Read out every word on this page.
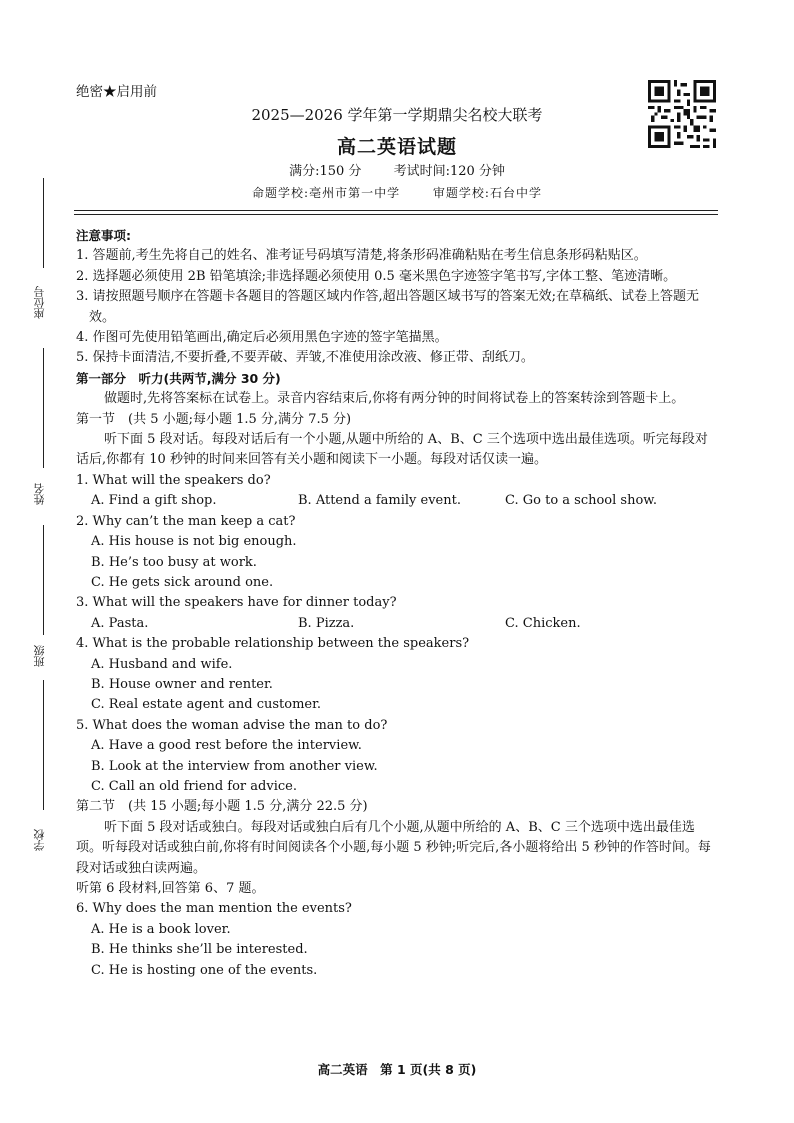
座位号
姓名
班级
学校
绝密★启用前
2025—2026 学年第一学期鼎尖名校大联考
高二英语试题
满分:150 分 考试时间:120 分钟
命题学校:亳州市第一中学	审题学校:石台中学

注意事项:

1. 答题前,考生先将自己的姓名、准考证号码填写清楚,将条形码准确粘贴在考生信息条形码粘贴区。

2. 选择题必须使用 2B 铅笔填涂;非选择题必须使用 0.5 毫米黑色字迹签字笔书写,字体工整、笔迹清晰。

3. 请按照题号顺序在答题卡各题目的答题区域内作答,超出答题区域书写的答案无效;在草稿纸、试卷上答题无效。

4. 作图可先使用铅笔画出,确定后必须用黑色字迹的签字笔描黑。

5. 保持卡面清洁,不要折叠,不要弄破、弄皱,不准使用涂改液、修正带、刮纸刀。

第一部分　听力(共两节,满分 30 分)

做题时,先将答案标在试卷上。录音内容结束后,你将有两分钟的时间将试卷上的答案转涂到答题卡上。

第一节　(共 5 小题;每小题 1.5 分,满分 7.5 分)

听下面 5 段对话。每段对话后有一个小题,从题中所给的 A、B、C 三个选项中选出最佳选项。听完每段对话后,你都有 10 秒钟的时间来回答有关小题和阅读下一小题。每段对话仅读一遍。

1. What will the speakers do?

A. Find a gift shop.	B. Attend a family event.	C. Go to a school show.

2. Why can’t the man keep a cat?

A. His house is not big enough.

B. He’s too busy at work.

C. He gets sick around one.

3. What will the speakers have for dinner today?

A. Pasta.	B. Pizza.	C. Chicken.

4. What is the probable relationship between the speakers?

A. Husband and wife.

B. House owner and renter.

C. Real estate agent and customer.

5. What does the woman advise the man to do?

A. Have a good rest before the interview.

B. Look at the interview from another view.

C. Call an old friend for advice.

第二节　(共 15 小题;每小题 1.5 分,满分 22.5 分)

听下面 5 段对话或独白。每段对话或独白后有几个小题,从题中所给的 A、B、C 三个选项中选出最佳选项。听每段对话或独白前,你将有时间阅读各个小题,每小题 5 秒钟;听完后,各小题将给出 5 秒钟的作答时间。每段对话或独白读两遍。

听第 6 段材料,回答第 6、7 题。

6. Why does the man mention the events?

A. He is a book lover.

B. He thinks she’ll be interested.

C. He is hosting one of the events.

高二英语　第 1 页(共 8 页)
